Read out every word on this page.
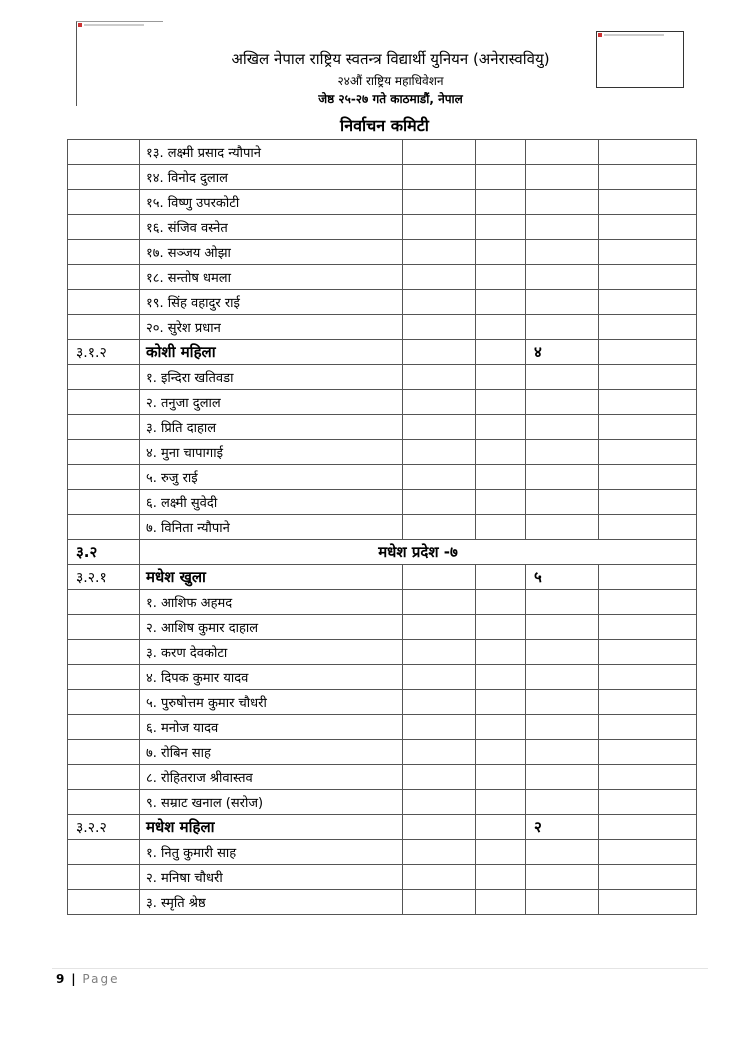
अखिल नेपाल राष्ट्रिय स्वतन्त्र विद्यार्थी युनियन (अनेरास्ववियु)
२४औं राष्ट्रिय महाधिवेशन
जेष्ठ २५-२७ गते काठमाडौं, नेपाल
निर्वाचन कमिटी
	१३. लक्ष्मी प्रसाद न्यौपाने				
	१४. विनोद दुलाल				
	१५. विष्णु उपरकोटी				
	१६. संजिव वस्नेत				
	१७. सञ्जय ओझा				
	१८. सन्तोष धमला				
	१९. सिंह वहादुर राई				
	२०. सुरेश प्रधान				
३.१.२	कोशी महिला			४	
	१. इन्दिरा खतिवडा				
	२. तनुजा दुलाल				
	३. प्रिति दाहाल				
	४. मुना चापागाई				
	५. रुजु राई				
	६. लक्ष्मी सुवेदी				
	७. विनिता न्यौपाने				
३.२	मधेश प्रदेश -७				
३.२.१	मधेश खुला			५	
	१. आशिफ अहमद				
	२. आशिष कुमार दाहाल				
	३. करण देवकोटा				
	४. दिपक कुमार यादव				
	५. पुरुषोत्तम कुमार चौधरी				
	६. मनोज यादव				
	७. रोबिन साह				
	८. रोहितराज श्रीवास्तव				
	९. सम्राट खनाल (सरोज)				
३.२.२	मधेश महिला			२	
	१. नितु कुमारी साह				
	२. मनिषा चौधरी				
	३. स्मृति श्रेष्ठ				
9 | Page
